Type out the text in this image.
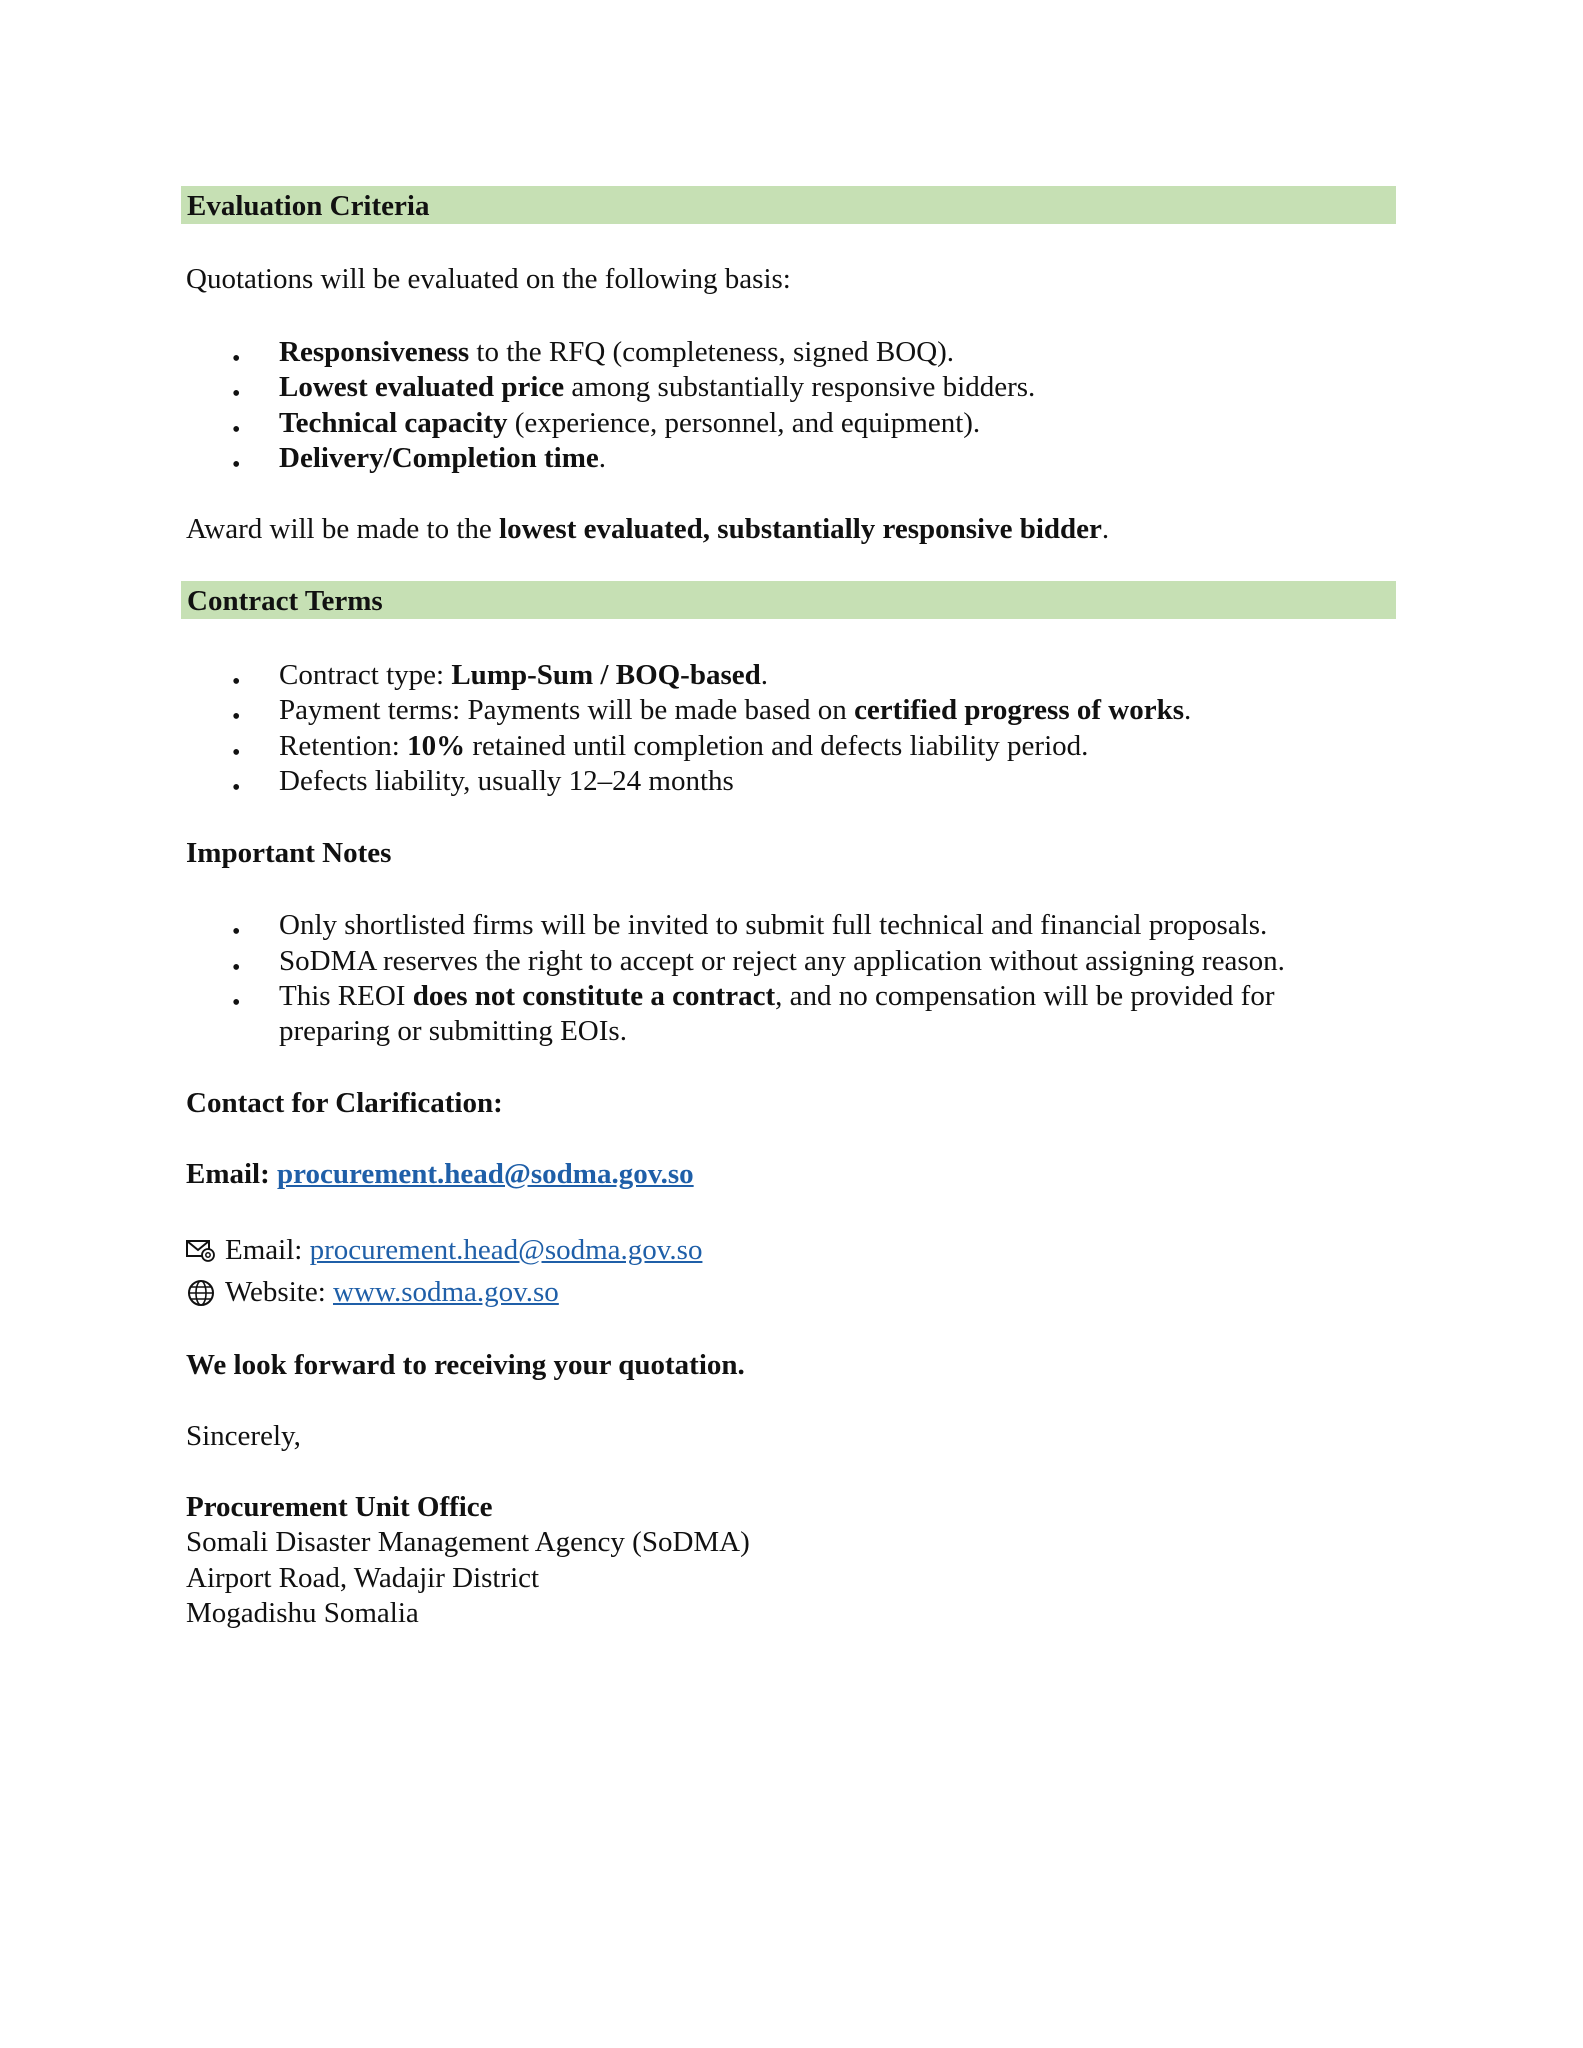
Evaluation Criteria
Quotations will be evaluated on the following basis:
• Responsiveness to the RFQ (completeness, signed BOQ).
• Lowest evaluated price among substantially responsive bidders.
• Technical capacity (experience, personnel, and equipment).
• Delivery/Completion time.
Award will be made to the lowest evaluated, substantially responsive bidder.
Contract Terms
• Contract type: Lump-Sum / BOQ-based.
• Payment terms: Payments will be made based on certified progress of works.
• Retention: 10% retained until completion and defects liability period.
• Defects liability, usually 12–24 months
Important Notes
• Only shortlisted firms will be invited to submit full technical and financial proposals.
• SoDMA reserves the right to accept or reject any application without assigning reason.
• This REOI does not constitute a contract, and no compensation will be provided for
preparing or submitting EOIs.
Contact for Clarification:
Email: procurement.head@sodma.gov.so
Email: procurement.head@sodma.gov.so
Website: www.sodma.gov.so
We look forward to receiving your quotation.
Sincerely,
Procurement Unit Office
Somali Disaster Management Agency (SoDMA)
Airport Road, Wadajir District
Mogadishu Somalia
